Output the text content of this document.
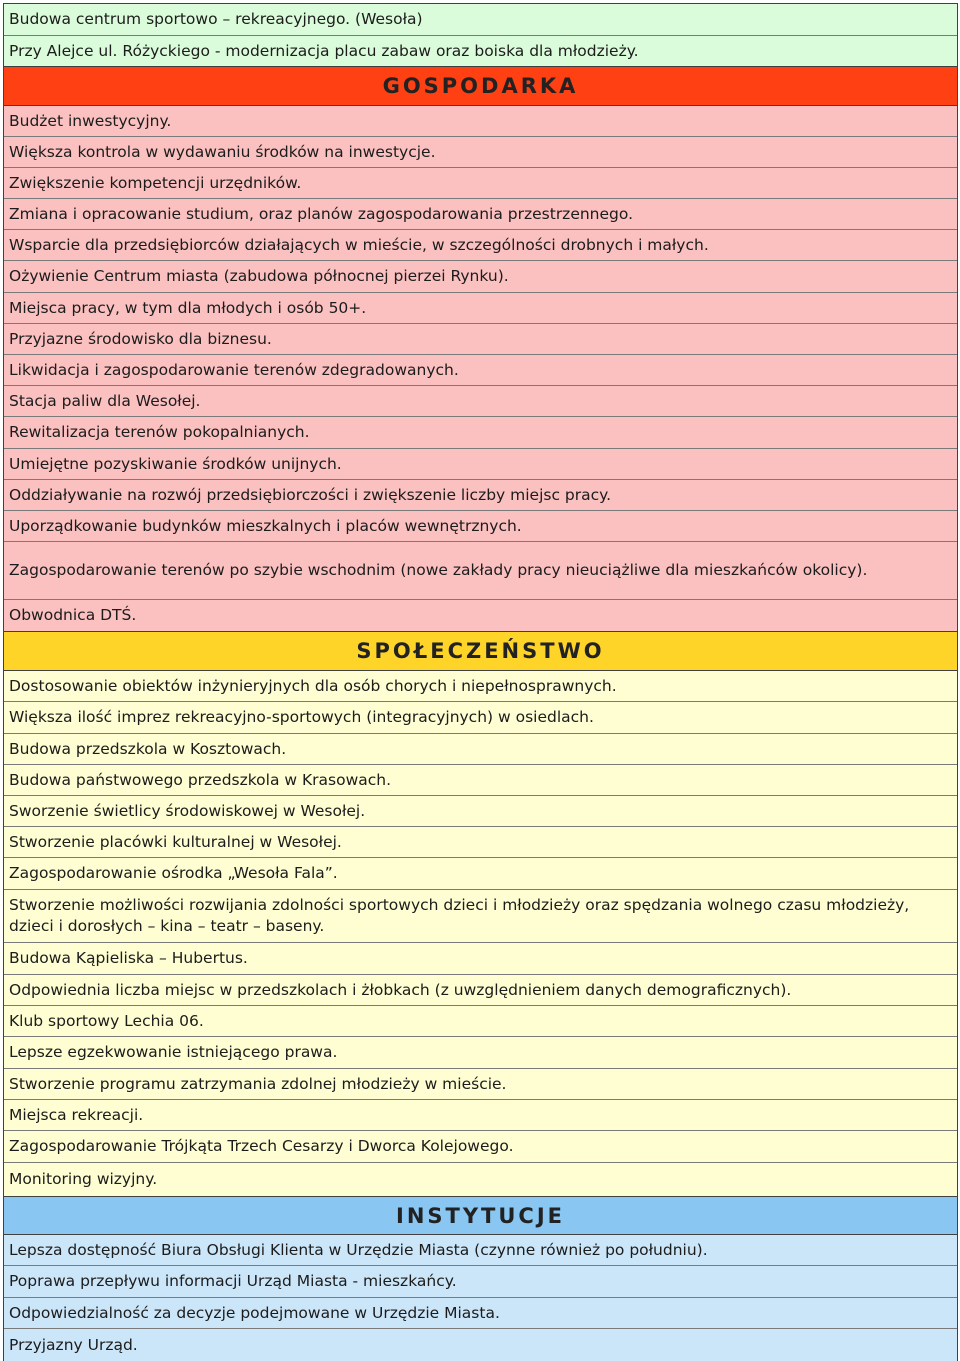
Budowa centrum sportowo – rekreacyjnego. (Wesoła)
Przy Alejce ul. Różyckiego - modernizacja placu zabaw oraz boiska dla młodzieży.
GOSPODARKA
Budżet inwestycyjny.
Większa kontrola w wydawaniu środków na inwestycje.
Zwiększenie kompetencji urzędników.
Zmiana i opracowanie studium, oraz planów zagospodarowania przestrzennego.
Wsparcie dla przedsiębiorców działających w mieście, w szczególności drobnych i małych.
Ożywienie Centrum miasta (zabudowa północnej pierzei Rynku).
Miejsca pracy, w tym dla młodych i osób 50+.
Przyjazne środowisko dla biznesu.
Likwidacja i zagospodarowanie terenów zdegradowanych.
Stacja paliw dla Wesołej.
Rewitalizacja terenów pokopalnianych.
Umiejętne pozyskiwanie środków unijnych.
Oddziaływanie na rozwój przedsiębiorczości i zwiększenie liczby miejsc pracy.
Uporządkowanie budynków mieszkalnych i placów wewnętrznych.
Zagospodarowanie terenów po szybie wschodnim (nowe zakłady pracy nieuciążliwe dla mieszkańców okolicy).
Obwodnica DTŚ.
SPOŁECZEŃSTWO
Dostosowanie obiektów inżynieryjnych dla osób chorych i niepełnosprawnych.
Większa ilość imprez rekreacyjno-sportowych (integracyjnych) w osiedlach.
Budowa przedszkola w Kosztowach.
Budowa państwowego przedszkola w Krasowach.
Sworzenie świetlicy środowiskowej w Wesołej.
Stworzenie placówki kulturalnej w Wesołej.
Zagospodarowanie ośrodka „Wesoła Fala”.
Stworzenie możliwości rozwijania zdolności sportowych dzieci i młodzieży oraz spędzania wolnego czasu młodzieży, dzieci i dorosłych – kina – teatr – baseny.
Budowa Kąpieliska – Hubertus.
Odpowiednia liczba miejsc w przedszkolach i żłobkach (z uwzględnieniem danych demograficznych).
Klub sportowy Lechia 06.
Lepsze egzekwowanie istniejącego prawa.
Stworzenie programu zatrzymania zdolnej młodzieży w mieście.
Miejsca rekreacji.
Zagospodarowanie Trójkąta Trzech Cesarzy i Dworca Kolejowego.
Monitoring wizyjny.
INSTYTUCJE
Lepsza dostępność Biura Obsługi Klienta w Urzędzie Miasta (czynne również po południu).
Poprawa przepływu informacji Urząd Miasta - mieszkańcy.
Odpowiedzialność za decyzje podejmowane w Urzędzie Miasta.
Przyjazny Urząd.
